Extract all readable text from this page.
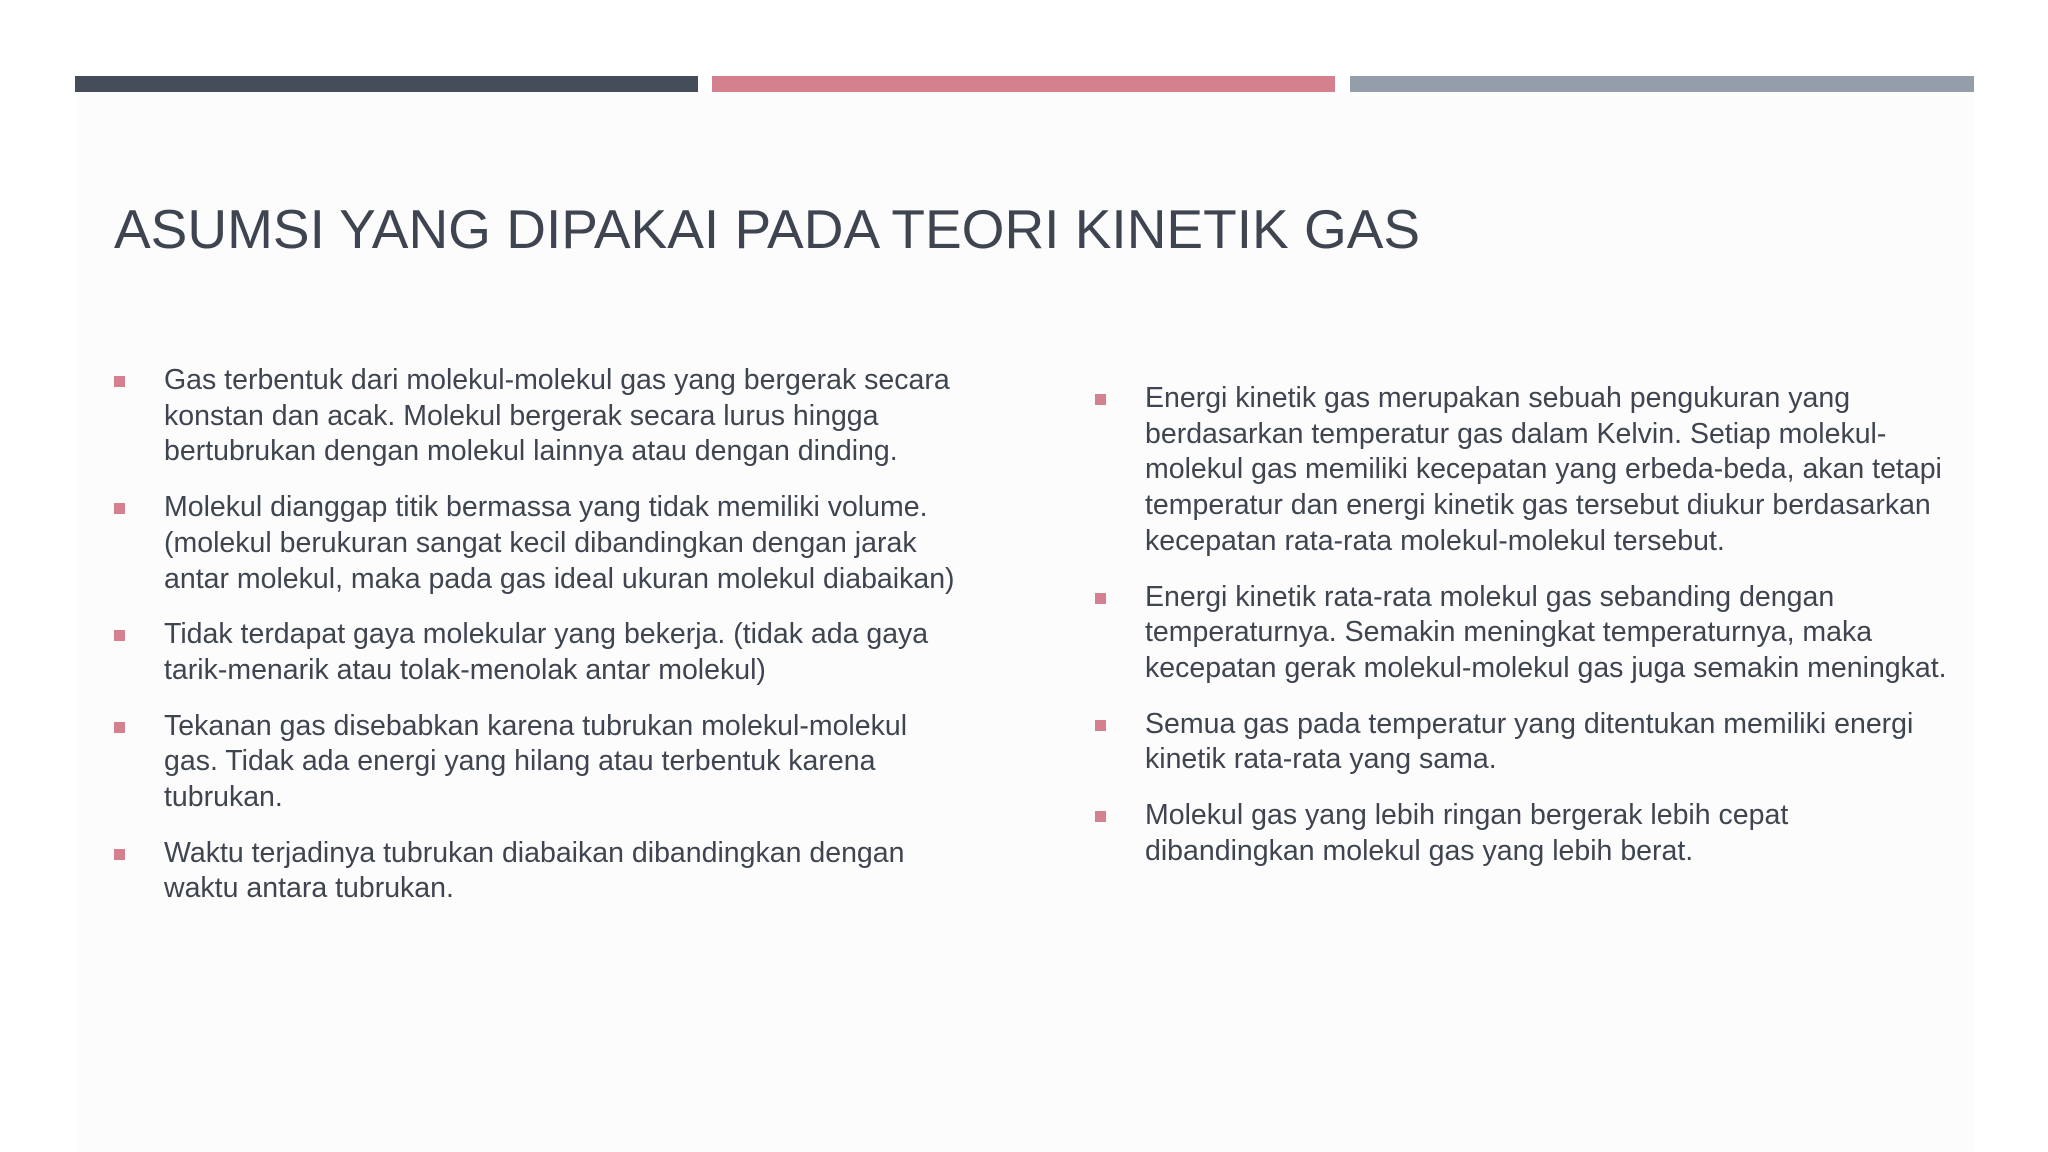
ASUMSI YANG DIPAKAI PADA TEORI KINETIK GAS
Gas terbentuk dari molekul-molekul gas yang bergerak secara konstan dan acak. Molekul bergerak secara lurus hingga bertubrukan dengan molekul lainnya atau dengan dinding.
Molekul dianggap titik bermassa yang tidak memiliki volume. (molekul berukuran sangat kecil dibandingkan dengan jarak antar molekul, maka pada gas ideal ukuran molekul diabaikan)
Tidak terdapat gaya molekular yang bekerja. (tidak ada gaya tarik-menarik atau tolak-menolak antar molekul)
Tekanan gas disebabkan karena tubrukan molekul-molekul gas. Tidak ada energi yang hilang atau terbentuk karena tubrukan.
Waktu terjadinya tubrukan diabaikan dibandingkan dengan waktu antara tubrukan.
Energi kinetik gas merupakan sebuah pengukuran yang berdasarkan temperatur gas dalam Kelvin. Setiap molekul-molekul gas memiliki kecepatan yang erbeda-beda, akan tetapi temperatur dan energi kinetik gas tersebut diukur berdasarkan kecepatan rata-rata molekul-molekul tersebut.
Energi kinetik rata-rata molekul gas sebanding dengan temperaturnya. Semakin meningkat temperaturnya, maka kecepatan gerak molekul-molekul gas juga semakin meningkat.
Semua gas pada temperatur yang ditentukan memiliki energi kinetik rata-rata yang sama.
Molekul gas yang lebih ringan bergerak lebih cepat dibandingkan molekul gas yang lebih berat.
